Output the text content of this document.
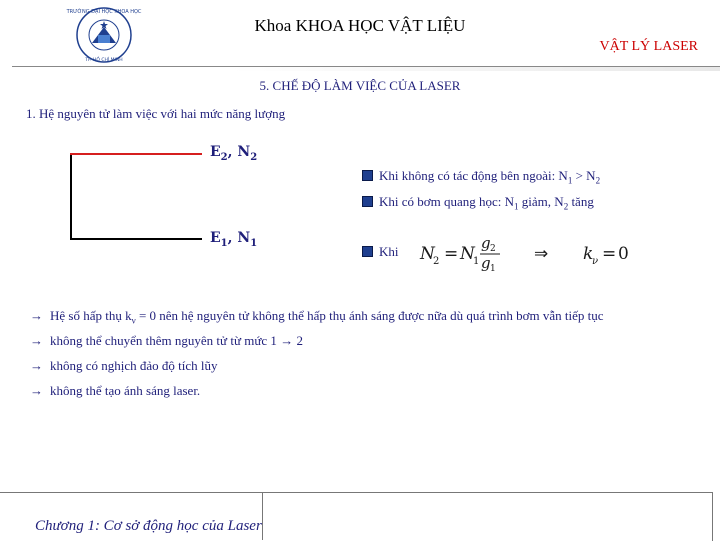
TRƯỜNG ĐẠI HỌC KHOA HỌC
TP. HỒ CHÍ MINH
Khoa KHOA HỌC VẬT LIỆU
VẬT LÝ LASER
5. CHẾ ĐỘ LÀM VIỆC CỦA LASER
1. Hệ nguyên tử làm việc với hai mức năng lượng
$E_2$, $N_2$
$E_1$, $N_1$
Khi không có tác động bên ngoài: $N_1 > N_2$
Khi có bơm quang học: $N_1$ giảm, $N_2$ tăng
Khi N
2 = N
1
g 2
g 1
⇒ k
ν = 0
→ Hệ số hấp thụ $k_\nu = 0$ nên hệ nguyên tử không thể hấp thụ ánh sáng được nữa dù quá trình bơm vẫn tiếp tục
→ không thể chuyển thêm nguyên tử từ mức 1 → 2
→ không có nghịch đảo độ tích lũy
→ không thể tạo ánh sáng laser.
Chương 1: Cơ sở động học của Laser
